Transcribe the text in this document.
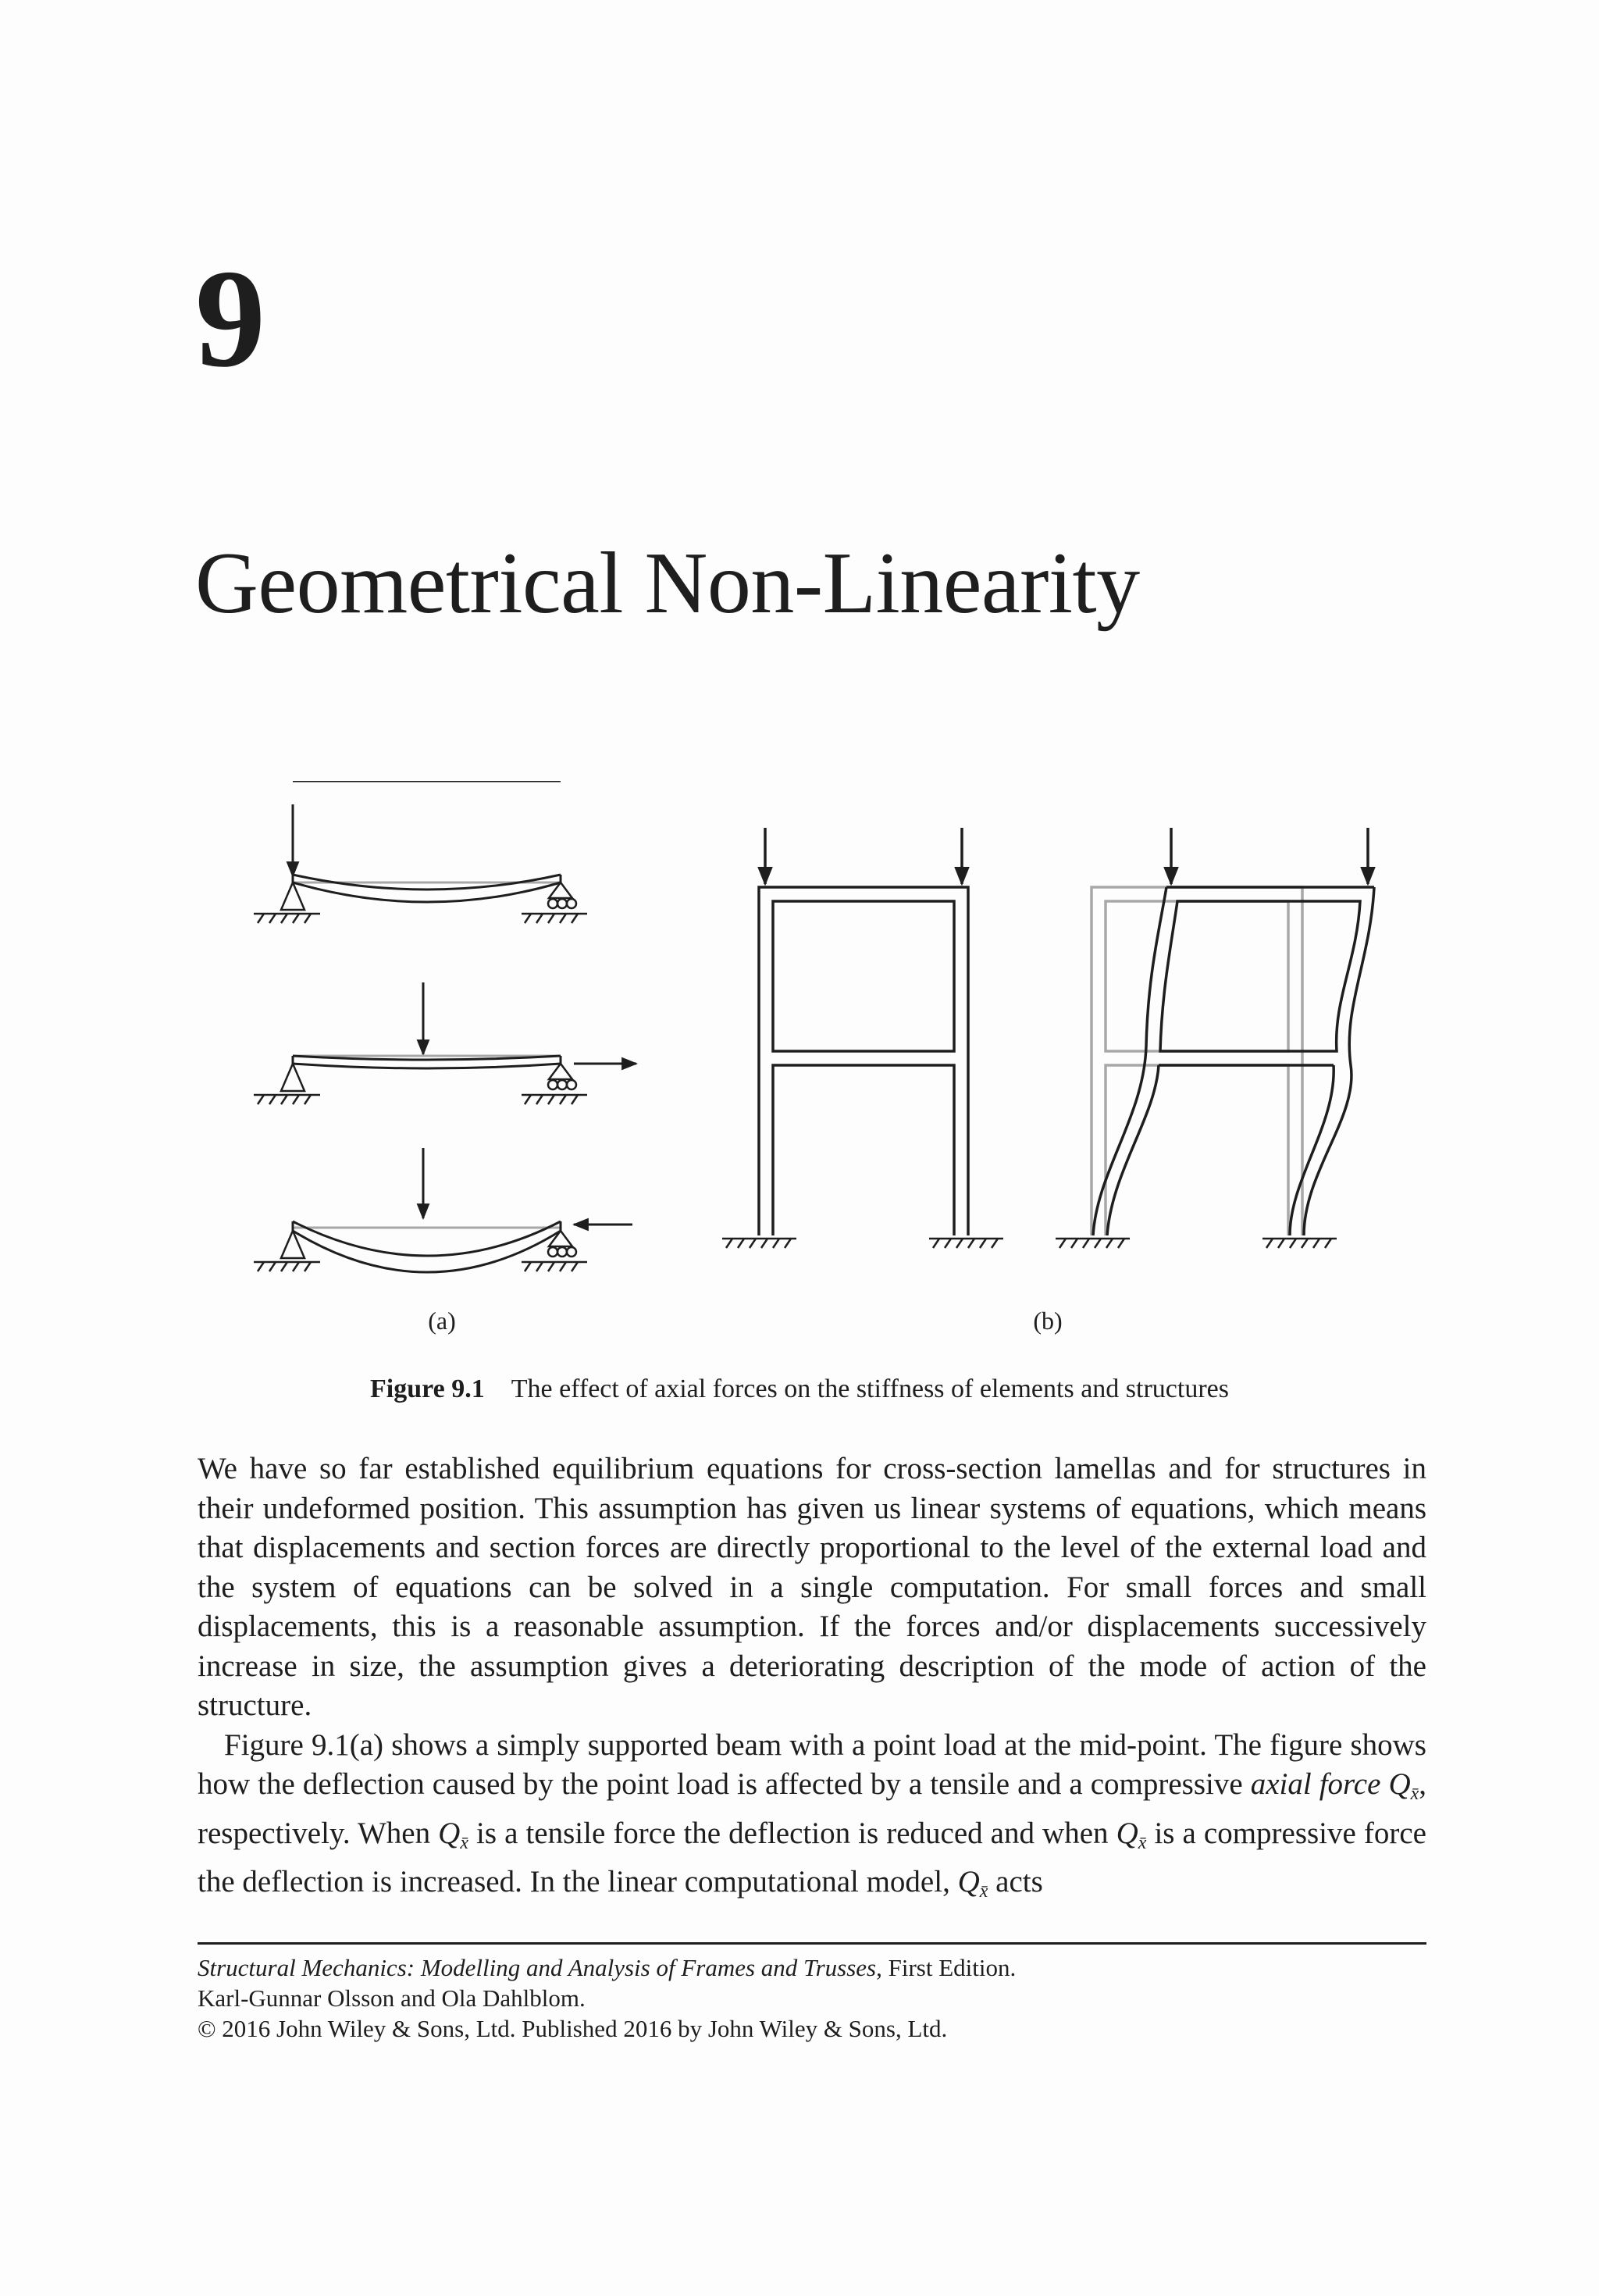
9
Geometrical Non-Linearity
(a)	(b)
Figure 9.1 The effect of axial forces on the stiffness of elements and structures

We have so far established equilibrium equations for cross-section lamellas and for structures in their undeformed position. This assumption has given us linear systems of equations, which means that displacements and section forces are directly proportional to the level of the external load and the system of equations can be solved in a single computation. For small forces and small displacements, this is a reasonable assumption. If the forces and/or displacements successively increase in size, the assumption gives a deteriorating description of the mode of action of the structure.

Figure 9.1(a) shows a simply supported beam with a point load at the mid-point. The figure shows how the deflection caused by the point load is affected by a tensile and a compressive axial force $Q_{x̄}$, respectively. When $Q_{x̄}$ is a tensile force the deflection is reduced and when $Q_{x̄}$ is a compressive force the deflection is increased. In the linear computational model, $Q_{x̄}$ acts

Structural Mechanics: Modelling and Analysis of Frames and Trusses, First Edition.
Karl-Gunnar Olsson and Ola Dahlblom.
© 2016 John Wiley & Sons, Ltd. Published 2016 by John Wiley & Sons, Ltd.
